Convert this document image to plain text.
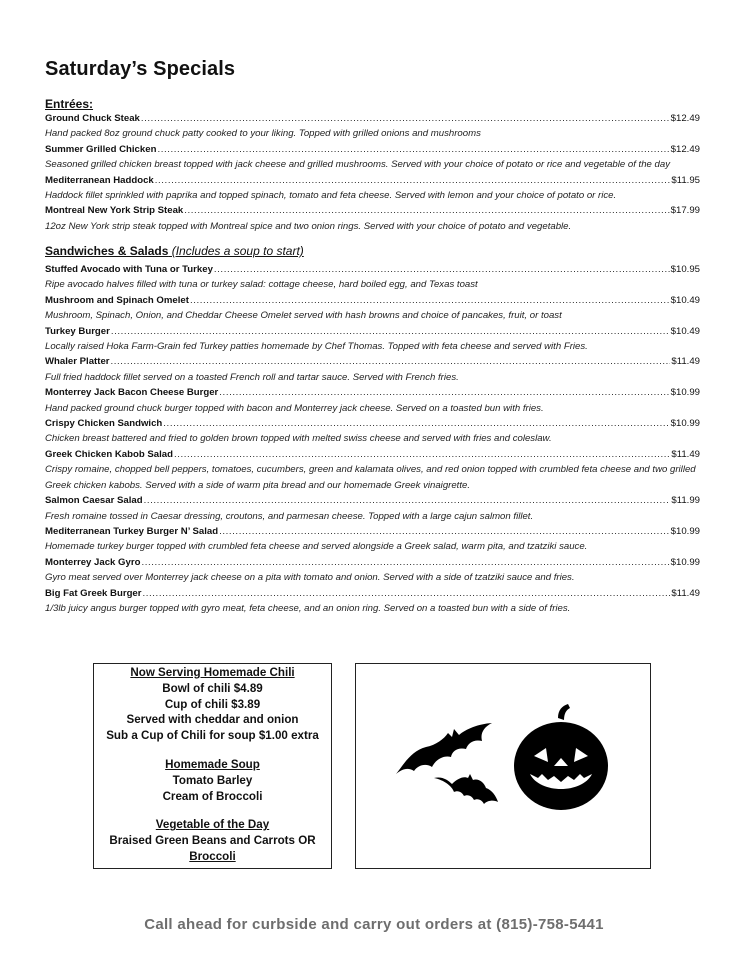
Saturday’s Specials
Entrées:
Ground Chuck Steak .....	$12.49
Hand packed 8oz ground chuck patty cooked to your liking. Topped with grilled onions and mushrooms
Summer Grilled Chicken .....	$12.49
Seasoned grilled chicken breast topped with jack cheese and grilled mushrooms. Served with your choice of potato or rice and vegetable of the day
Mediterranean Haddock .....	$11.95
Haddock fillet sprinkled with paprika and topped spinach, tomato and feta cheese. Served with lemon and your choice of potato or rice.
Montreal New York Strip Steak .....	$17.99
12oz New York strip steak topped with Montreal spice and two onion rings. Served with your choice of potato and vegetable.
Sandwiches & Salads (Includes a soup to start)
Stuffed Avocado with Tuna or Turkey .....	$10.95
Ripe avocado halves filled with tuna or turkey salad: cottage cheese, hard boiled egg, and Texas toast
Mushroom and Spinach Omelet .....	$10.49
Mushroom, Spinach, Onion, and Cheddar Cheese Omelet served with hash browns and choice of pancakes, fruit, or toast
Turkey Burger .....	$10.49
Locally raised Hoka Farm-Grain fed Turkey patties homemade by Chef Thomas. Topped with feta cheese and served with Fries.
Whaler Platter .....	$11.49
Full fried haddock fillet served on a toasted French roll and tartar sauce. Served with French fries.
Monterrey Jack Bacon Cheese Burger .....	$10.99
Hand packed ground chuck burger topped with bacon and Monterrey jack cheese. Served on a toasted bun with fries.
Crispy Chicken Sandwich .....	$10.99
Chicken breast battered and fried to golden brown topped with melted swiss cheese and served with fries and coleslaw.
Greek Chicken Kabob Salad .....	$11.49
Crispy romaine, chopped bell peppers, tomatoes, cucumbers, green and kalamata olives, and red onion topped with crumbled feta cheese and two grilled Greek chicken kabobs. Served with a side of warm pita bread and our homemade Greek vinaigrette.
Salmon Caesar Salad .....	$11.99
Fresh romaine tossed in Caesar dressing, croutons, and parmesan cheese. Topped with a large cajun salmon fillet.
Mediterranean Turkey Burger N’ Salad .....	$10.99
Homemade turkey burger topped with crumbled feta cheese and served alongside a Greek salad, warm pita, and tzatziki sauce.
Monterrey Jack Gyro .....	$10.99
Gyro meat served over Monterrey jack cheese on a pita with tomato and onion. Served with a side of tzatziki sauce and fries.
Big Fat Greek Burger .....	$11.49
1/3lb juicy angus burger topped with gyro meat, feta cheese, and an onion ring. Served on a toasted bun with a side of fries.
Now Serving Homemade Chili
Bowl of chili $4.89
Cup of chili $3.89
Served with cheddar and onion
Sub a Cup of Chili for soup $1.00 extra
Homemade Soup
Tomato Barley
Cream of Broccoli
Vegetable of the Day
Braised Green Beans and Carrots OR
Broccoli
Call ahead for curbside and carry out orders at (815)-758-5441
